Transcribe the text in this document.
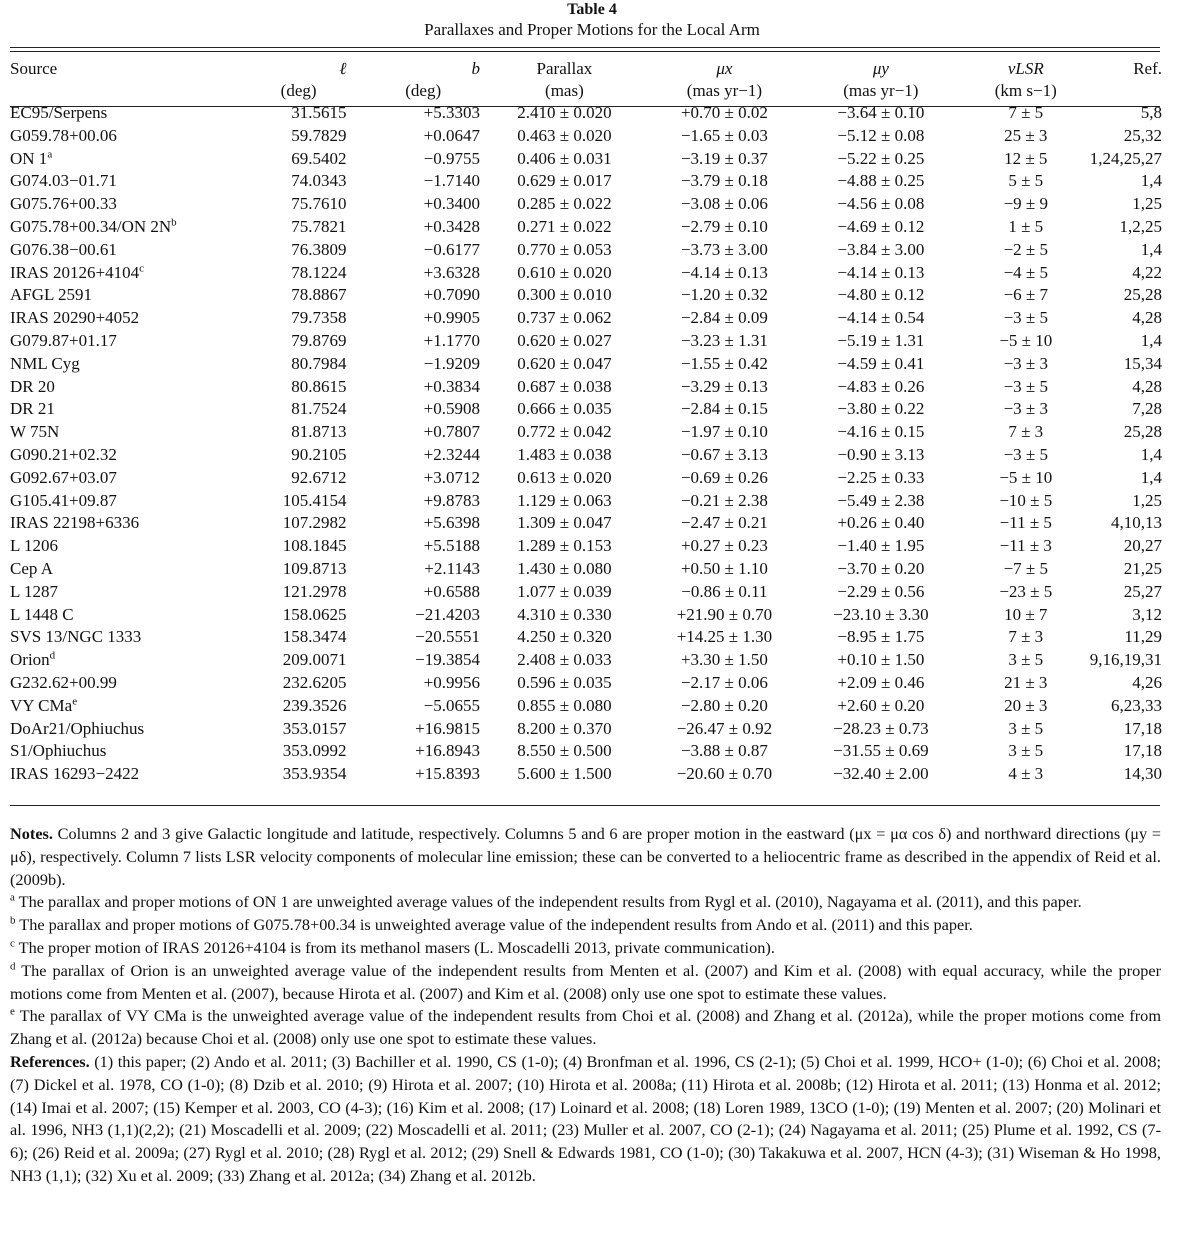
Table 4
Parallaxes and Proper Motions for the Local Arm
Source	ℓ	b	Parallax	μx	μy	vLSR	Ref.
	(deg)	(deg)	(mas)	(mas yr−1)	(mas yr−1)	(km s−1)	
EC95/Serpens	31.5615	+5.3303	2.410 ± 0.020	+0.70 ± 0.02	−3.64 ± 0.10	7 ± 5	5,8
G059.78+00.06	59.7829	+0.0647	0.463 ± 0.020	−1.65 ± 0.03	−5.12 ± 0.08	25 ± 3	25,32
ON 1$^a$	69.5402	−0.9755	0.406 ± 0.031	−3.19 ± 0.37	−5.22 ± 0.25	12 ± 5	1,24,25,27
G074.03−01.71	74.0343	−1.7140	0.629 ± 0.017	−3.79 ± 0.18	−4.88 ± 0.25	5 ± 5	1,4
G075.76+00.33	75.7610	+0.3400	0.285 ± 0.022	−3.08 ± 0.06	−4.56 ± 0.08	−9 ± 9	1,25
G075.78+00.34/ON $2N^b$	75.7821	+0.3428	0.271 ± 0.022	−2.79 ± 0.10	−4.69 ± 0.12	1 ± 5	1,2,25
G076.38−00.61	76.3809	−0.6177	0.770 ± 0.053	−3.73 ± 3.00	−3.84 ± 3.00	−2 ± 5	1,4
IRAS $20126+4104^c$	78.1224	+3.6328	0.610 ± 0.020	−4.14 ± 0.13	−4.14 ± 0.13	−4 ± 5	4,22
AFGL 2591	78.8867	+0.7090	0.300 ± 0.010	−1.20 ± 0.32	−4.80 ± 0.12	−6 ± 7	25,28
IRAS 20290+4052	79.7358	+0.9905	0.737 ± 0.062	−2.84 ± 0.09	−4.14 ± 0.54	−3 ± 5	4,28
G079.87+01.17	79.8769	+1.1770	0.620 ± 0.027	−3.23 ± 1.31	−5.19 ± 1.31	−5 ± 10	1,4
NML Cyg	80.7984	−1.9209	0.620 ± 0.047	−1.55 ± 0.42	−4.59 ± 0.41	−3 ± 3	15,34
DR 20	80.8615	+0.3834	0.687 ± 0.038	−3.29 ± 0.13	−4.83 ± 0.26	−3 ± 5	4,28
DR 21	81.7524	+0.5908	0.666 ± 0.035	−2.84 ± 0.15	−3.80 ± 0.22	−3 ± 3	7,28
W 75N	81.8713	+0.7807	0.772 ± 0.042	−1.97 ± 0.10	−4.16 ± 0.15	7 ± 3	25,28
G090.21+02.32	90.2105	+2.3244	1.483 ± 0.038	−0.67 ± 3.13	−0.90 ± 3.13	−3 ± 5	1,4
G092.67+03.07	92.6712	+3.0712	0.613 ± 0.020	−0.69 ± 0.26	−2.25 ± 0.33	−5 ± 10	1,4
G105.41+09.87	105.4154	+9.8783	1.129 ± 0.063	−0.21 ± 2.38	−5.49 ± 2.38	−10 ± 5	1,25
IRAS 22198+6336	107.2982	+5.6398	1.309 ± 0.047	−2.47 ± 0.21	+0.26 ± 0.40	−11 ± 5	4,10,13
L 1206	108.1845	+5.5188	1.289 ± 0.153	+0.27 ± 0.23	−1.40 ± 1.95	−11 ± 3	20,27
Cep A	109.8713	+2.1143	1.430 ± 0.080	+0.50 ± 1.10	−3.70 ± 0.20	−7 ± 5	21,25
L 1287	121.2978	+0.6588	1.077 ± 0.039	−0.86 ± 0.11	−2.29 ± 0.56	−23 ± 5	25,27
L 1448 C	158.0625	−21.4203	4.310 ± 0.330	+21.90 ± 0.70	−23.10 ± 3.30	10 ± 7	3,12
SVS 13/NGC 1333	158.3474	−20.5551	4.250 ± 0.320	+14.25 ± 1.30	−8.95 ± 1.75	7 ± 3	11,29
Orion$^d$	209.0071	−19.3854	2.408 ± 0.033	+3.30 ± 1.50	+0.10 ± 1.50	3 ± 5	9,16,19,31
G232.62+00.99	232.6205	+0.9956	0.596 ± 0.035	−2.17 ± 0.06	+2.09 ± 0.46	21 ± 3	4,26
VY CMa$^e$	239.3526	−5.0655	0.855 ± 0.080	−2.80 ± 0.20	+2.60 ± 0.20	20 ± 3	6,23,33
DoAr21/Ophiuchus	353.0157	+16.9815	8.200 ± 0.370	−26.47 ± 0.92	−28.23 ± 0.73	3 ± 5	17,18
S1/Ophiuchus	353.0992	+16.8943	8.550 ± 0.500	−3.88 ± 0.87	−31.55 ± 0.69	3 ± 5	17,18
IRAS 16293−2422	353.9354	+15.8393	5.600 ± 1.500	−20.60 ± 0.70	−32.40 ± 2.00	4 ± 3	14,30

Notes. Columns 2 and 3 give Galactic longitude and latitude, respectively. Columns 5 and 6 are proper motion in the eastward (μx = μα cos δ) and northward directions (μy = μδ), respectively. Column 7 lists LSR velocity components of molecular line emission; these can be converted to a heliocentric frame as described in the appendix of Reid et al. (2009b).

$^a$ The parallax and proper motions of ON 1 are unweighted average values of the independent results from Rygl et al. (2010), Nagayama et al. (2011), and this paper.

$^b$ The parallax and proper motions of G075.78+00.34 is unweighted average value of the independent results from Ando et al. (2011) and this paper.

$^c$ The proper motion of IRAS 20126+4104 is from its methanol masers (L. Moscadelli 2013, private communication).

$^d$ The parallax of Orion is an unweighted average value of the independent results from Menten et al. (2007) and Kim et al. (2008) with equal accuracy, while the proper motions come from Menten et al. (2007), because Hirota et al. (2007) and Kim et al. (2008) only use one spot to estimate these values.

$^e$ The parallax of VY CMa is the unweighted average value of the independent results from Choi et al. (2008) and Zhang et al. (2012a), while the proper motions come from Zhang et al. (2012a) because Choi et al. (2008) only use one spot to estimate these values.

References. (1) this paper; (2) Ando et al. 2011; (3) Bachiller et al. 1990, CS (1-0); (4) Bronfman et al. 1996, CS (2-1); (5) Choi et al. 1999, HCO+ (1-0); (6) Choi et al. 2008; (7) Dickel et al. 1978, CO (1-0); (8) Dzib et al. 2010; (9) Hirota et al. 2007; (10) Hirota et al. 2008a; (11) Hirota et al. 2008b; (12) Hirota et al. 2011; (13) Honma et al. 2012; (14) Imai et al. 2007; (15) Kemper et al. 2003, CO (4-3); (16) Kim et al. 2008; (17) Loinard et al. 2008; (18) Loren 1989, 13CO (1-0); (19) Menten et al. 2007; (20) Molinari et al. 1996, NH3 (1,1)(2,2); (21) Moscadelli et al. 2009; (22) Moscadelli et al. 2011; (23) Muller et al. 2007, CO (2-1); (24) Nagayama et al. 2011; (25) Plume et al. 1992, CS (7-6); (26) Reid et al. 2009a; (27) Rygl et al. 2010; (28) Rygl et al. 2012; (29) Snell & Edwards 1981, CO (1-0); (30) Takakuwa et al. 2007, HCN (4-3); (31) Wiseman & Ho 1998, NH3 (1,1); (32) Xu et al. 2009; (33) Zhang et al. 2012a; (34) Zhang et al. 2012b.
